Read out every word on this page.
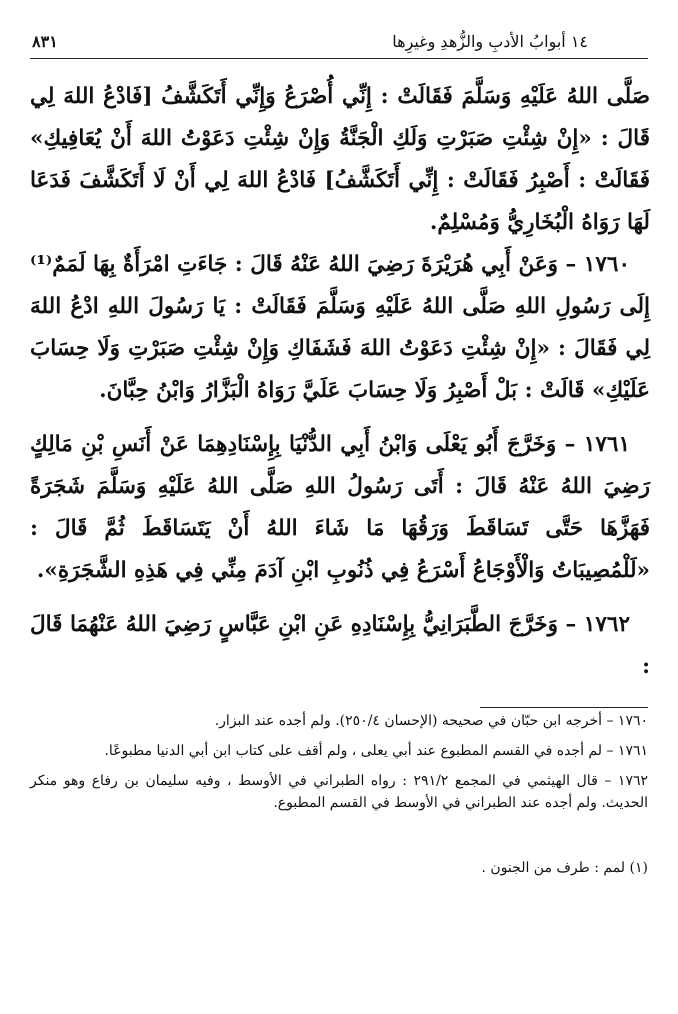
٨٣١	١٤ أبوابُ الأدبِ والزُّهدِ وغيرِها

صَلَّى اللهُ عَلَيْهِ وَسَلَّمَ فَقَالَتْ : إِنِّي أُصْرَعُ وَإِنِّي أَتَكَشَّفُ [فَادْعُ اللهَ لِي قَالَ : «إِنْ شِئْتِ صَبَرْتِ وَلَكِ الْجَنَّةُ وَإِنْ شِئْتِ دَعَوْتُ اللهَ أَنْ يُعَافِيكِ» فَقَالَتْ : أَصْبِرُ فَقَالَتْ : إِنِّي أَتَكَشَّفُ] فَادْعُ اللهَ لِي أَنْ لَا أَتَكَشَّفَ فَدَعَا لَهَا رَوَاهُ الْبُخَارِيُّ وَمُسْلِمٌ.

١٧٦٠ – وَعَنْ أَبِي هُرَيْرَةَ رَضِيَ اللهُ عَنْهُ قَالَ : جَاءَتِ امْرَأَةٌ بِهَا لَمَمٌ⁽¹⁾ إِلَى رَسُولِ اللهِ صَلَّى اللهُ عَلَيْهِ وَسَلَّمَ فَقَالَتْ : يَا رَسُولَ اللهِ ادْعُ اللهَ لِي فَقَالَ : «إِنْ شِئْتِ دَعَوْتُ اللهَ فَشَفَاكِ وَإِنْ شِئْتِ صَبَرْتِ وَلَا حِسَابَ عَلَيْكِ» قَالَتْ : بَلْ أَصْبِرُ وَلَا حِسَابَ عَلَيَّ رَوَاهُ الْبَزَّارُ وَابْنُ حِبَّانَ.

١٧٦١ – وَخَرَّجَ أَبُو يَعْلَى وَابْنُ أَبِي الدُّنْيَا بِإِسْنَادِهِمَا عَنْ أَنَسِ بْنِ مَالِكٍ رَضِيَ اللهُ عَنْهُ قَالَ : أَتَى رَسُولُ اللهِ صَلَّى اللهُ عَلَيْهِ وَسَلَّمَ شَجَرَةً فَهَزَّهَا حَتَّى تَسَاقَطَ وَرَقُهَا مَا شَاءَ اللهُ أَنْ يَتَسَاقَطَ ثُمَّ قَالَ : «لَلْمُصِيبَاتُ وَالْأَوْجَاعُ أَسْرَعُ فِي ذُنُوبِ ابْنِ آدَمَ مِنِّي فِي هَذِهِ الشَّجَرَةِ».

١٧٦٢ – وَخَرَّجَ الطَّبَرَانِيُّ بِإِسْنَادِهِ عَنِ ابْنِ عَبَّاسٍ رَضِيَ اللهُ عَنْهُمَا قَالَ :

١٧٦٠ – أخرجه ابن حبّان في صحيحه (الإحسان ٢٥٠/٤). ولم أجده عند البزار.

١٧٦١ – لم أجده في القسم المطبوع عند أبي يعلى ، ولم أقف على كتاب ابن أبي الدنيا مطبوعًا.

١٧٦٢ – قال الهيثمي في المجمع ٢٩١/٢ : رواه الطبراني في الأوسط ، وفيه سليمان بن رفاع وهو منكر الحديث. ولم أجده عند الطبراني في الأوسط في القسم المطبوع.

(١) لمم : طرف من الجنون .
